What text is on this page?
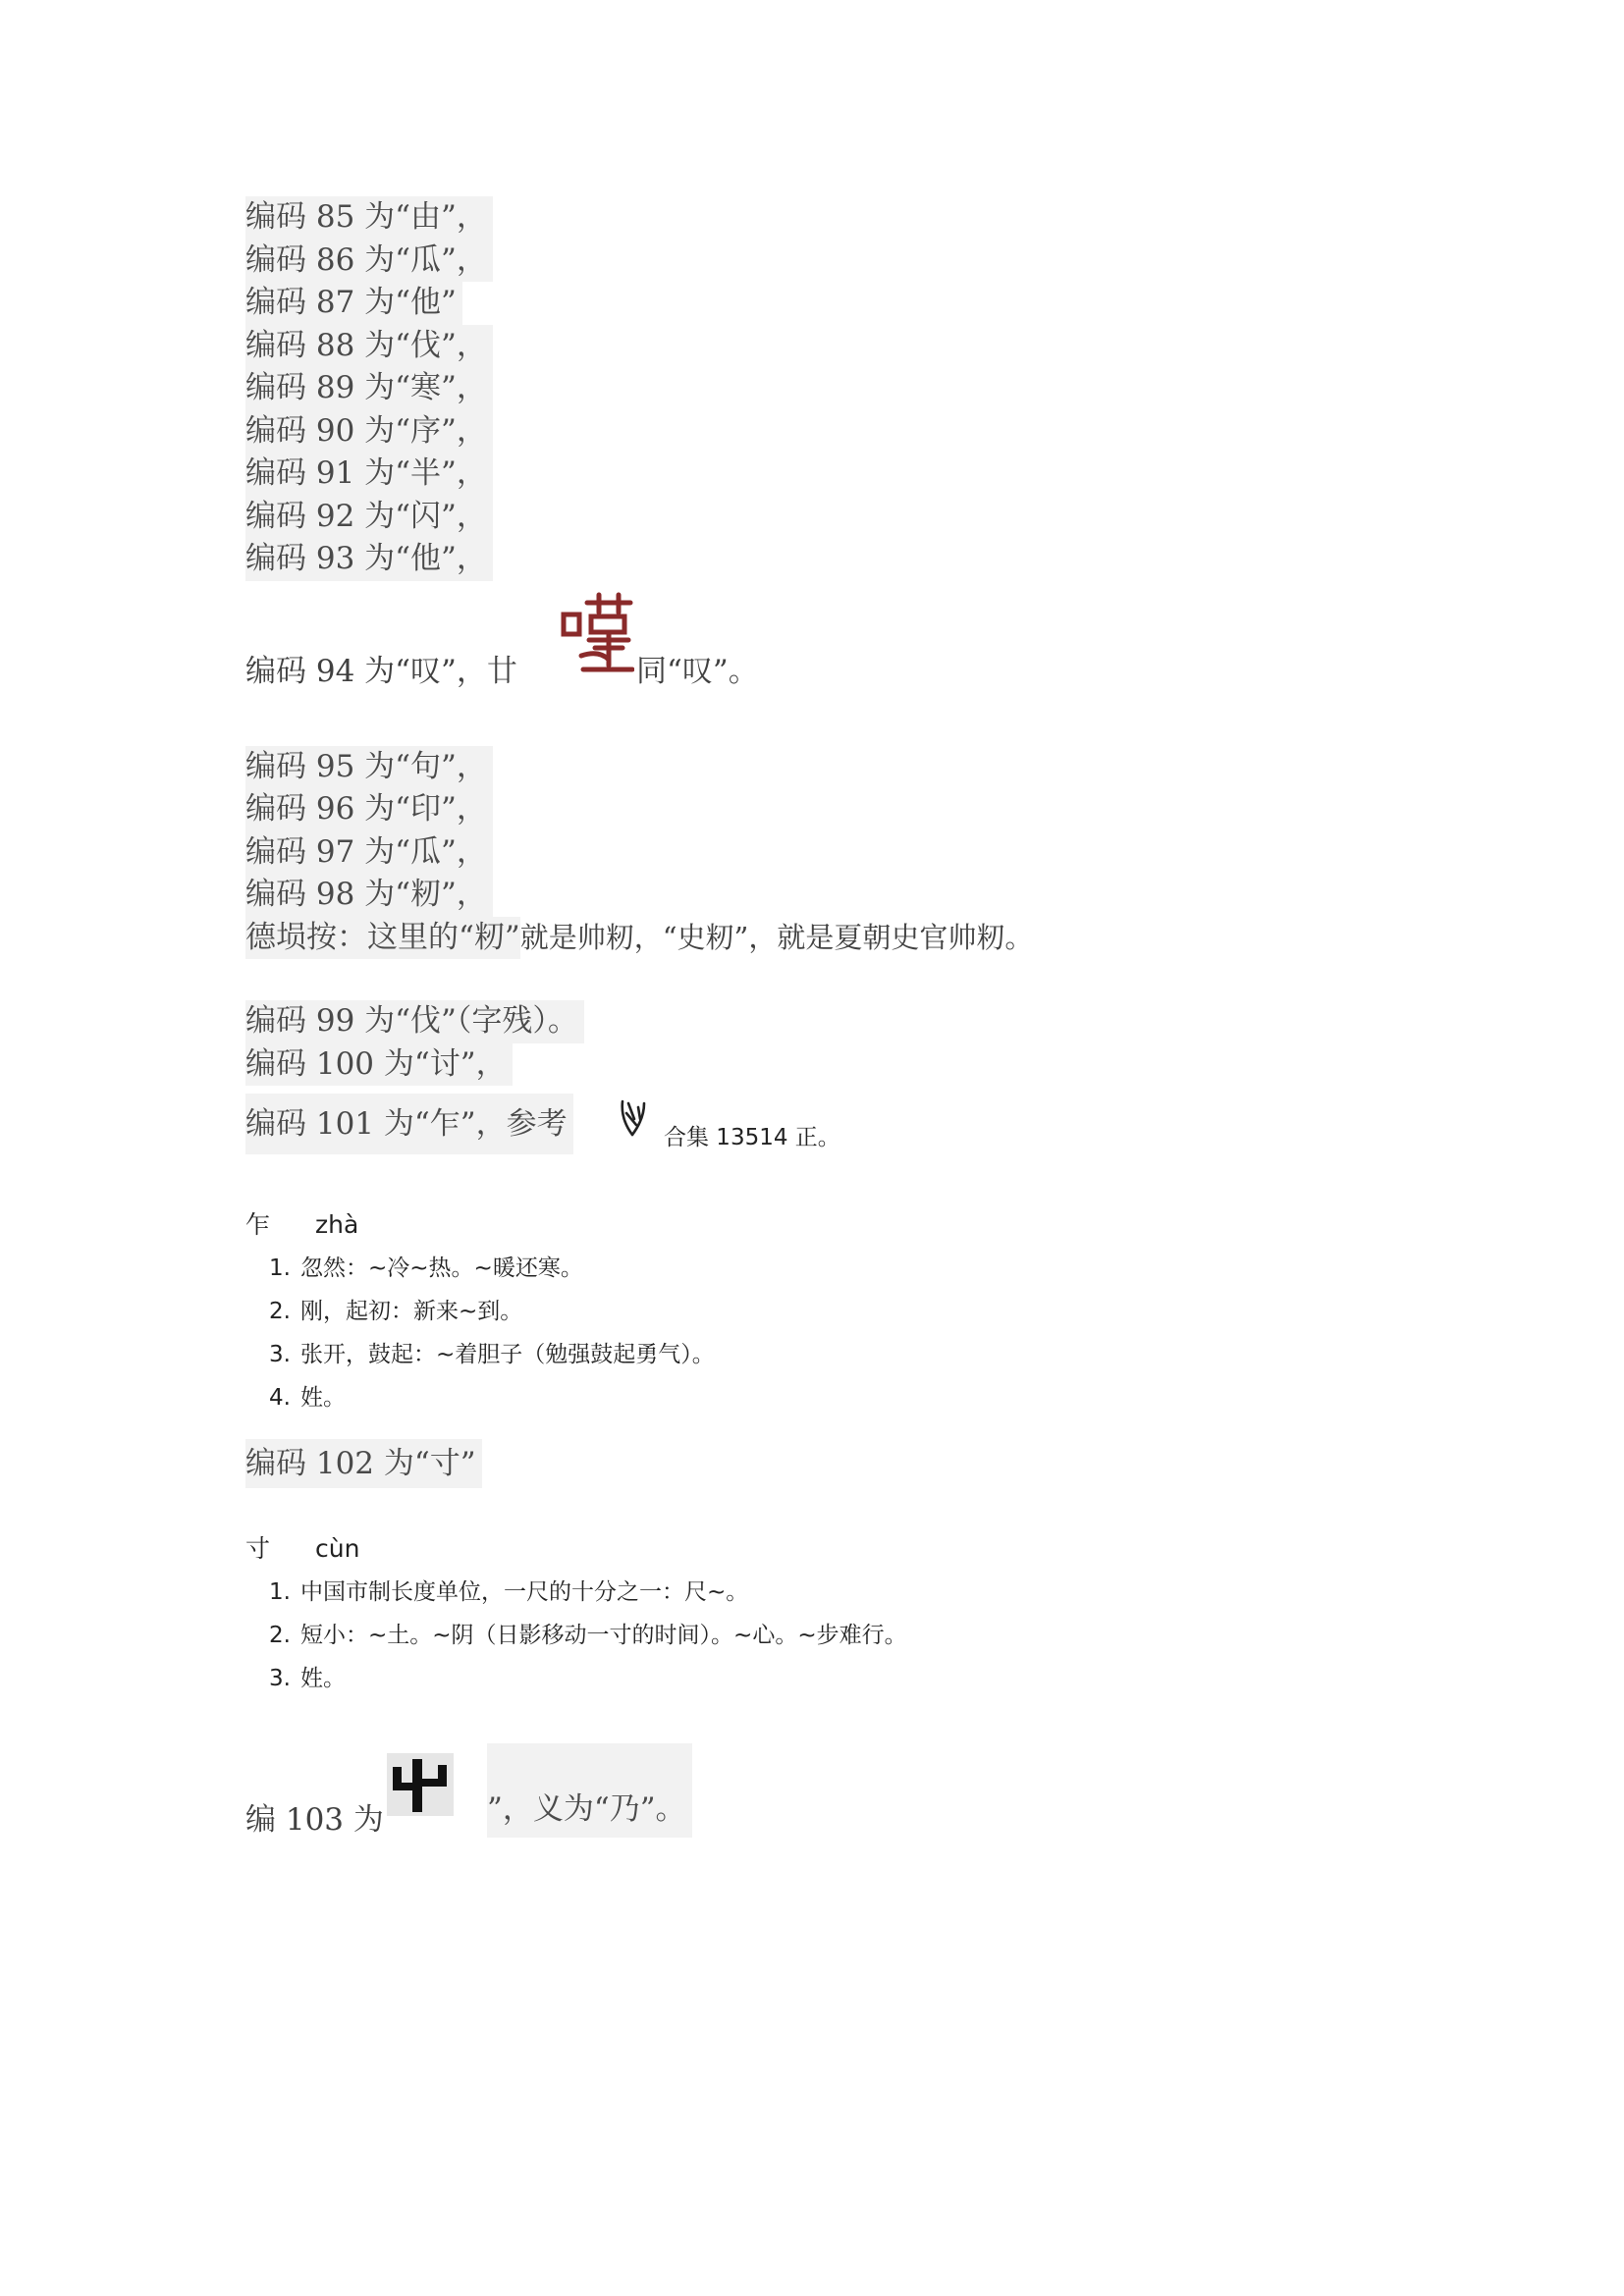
编码 85 为“由”，
编码 86 为“瓜”，
编码 87 为“他”
编码 88 为“伐”，
编码 89 为“寒”，
编码 90 为“序”，
编码 91 为“半”，
编码 92 为“闪”，
编码 93 为“他”，
编码 94 为“叹”，廿	同“叹”。
编码 95 为“句”，
编码 96 为“印”，
编码 97 为“瓜”，
编码 98 为“籾”，
德埙按：这里的“籾”就是帅籾，“史籾”，就是夏朝史官帅籾。
编码 99 为“伐”（字残）。
编码 100 为“讨”，
编码 101 为“乍”，参考	合集 13514 正。
乍 zhà
1. 忽然：~冷~热。~暖还寒。
2. 刚，起初：新来~到。
3. 张开，鼓起：~着胆子（勉强鼓起勇气）。
4. 姓。
编码 102 为“寸”
寸 cùn
1. 中国市制长度单位，一尺的十分之一：尺~。
2. 短小：~土。~阴（日影移动一寸的时间）。~心。~步难行。
3. 姓。
编 103 为	”，义为“乃”。
